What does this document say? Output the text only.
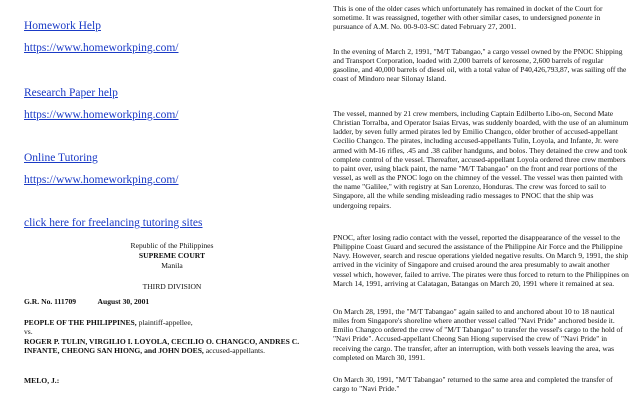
Homework Help
https://www.homeworkping.com/
Research Paper help
https://www.homeworkping.com/
Online Tutoring
https://www.homeworkping.com/
click here for freelancing tutoring sites
Republic of the Philippines
SUPREME COURT
Manila
THIRD DIVISION
G.R. No. 111709	August 30, 2001
PEOPLE OF THE PHILIPPINES, plaintiff-appellee,
vs.
ROGER P. TULIN, VIRGILIO I. LOYOLA, CECILIO O. CHANGCO, ANDRES C. INFANTE, CHEONG SAN HIONG, and JOHN DOES, accused-appellants.
MELO, J.:
This is one of the older cases which unfortunately has remained in docket of the Court for sometime. It was reassigned, together with other similar cases, to undersigned ponente in pursuance of A.M. No. 00-9-03-SC dated February 27, 2001.
In the evening of March 2, 1991, "M/T Tabangao," a cargo vessel owned by the PNOC Shipping and Transport Corporation, loaded with 2,000 barrels of kerosene, 2,600 barrels of regular gasoline, and 40,000 barrels of diesel oil, with a total value of P40,426,793,87, was sailing off the coast of Mindoro near Silonay Island.
The vessel, manned by 21 crew members, including Captain Edilberto Libo-on, Second Mate Christian Torralba, and Operator Isaias Ervas, was suddenly boarded, with the use of an aluminum ladder, by seven fully armed pirates led by Emilio Changco, older brother of accused-appellant Cecilio Changco. The pirates, including accused-appellants Tulin, Loyola, and Infante, Jr. were armed with M-16 rifles, .45 and .38 caliber handguns, and bolos. They detained the crew and took complete control of the vessel. Thereafter, accused-appellant Loyola ordered three crew members to paint over, using black paint, the name "M/T Tabangao" on the front and rear portions of the vessel, as well as the PNOC logo on the chimney of the vessel. The vessel was then painted with the name "Galilee," with registry at San Lorenzo, Honduras. The crew was forced to sail to Singapore, all the while sending misleading radio messages to PNOC that the ship was undergoing repairs.
PNOC, after losing radio contact with the vessel, reported the disappearance of the vessel to the Philippine Coast Guard and secured the assistance of the Philippine Air Force and the Philippine Navy. However, search and rescue operations yielded negative results. On March 9, 1991, the ship arrived in the vicinity of Singapore and cruised around the area presumably to await another vessel which, however, failed to arrive. The pirates were thus forced to return to the Philippines on March 14, 1991, arriving at Calatagan, Batangas on March 20, 1991 where it remained at sea.
On March 28, 1991, the "M/T Tabangao" again sailed to and anchored about 10 to 18 nautical miles from Singapore's shoreline where another vessel called "Navi Pride" anchored beside it. Emilio Changco ordered the crew of "M/T Tabangao" to transfer the vessel's cargo to the hold of "Navi Pride". Accused-appellant Cheong San Hiong supervised the crew of "Navi Pride" in receiving the cargo. The transfer, after an interruption, with both vessels leaving the area, was completed on March 30, 1991.
On March 30, 1991, "M/T Tabangao" returned to the same area and completed the transfer of cargo to "Navi Pride."
